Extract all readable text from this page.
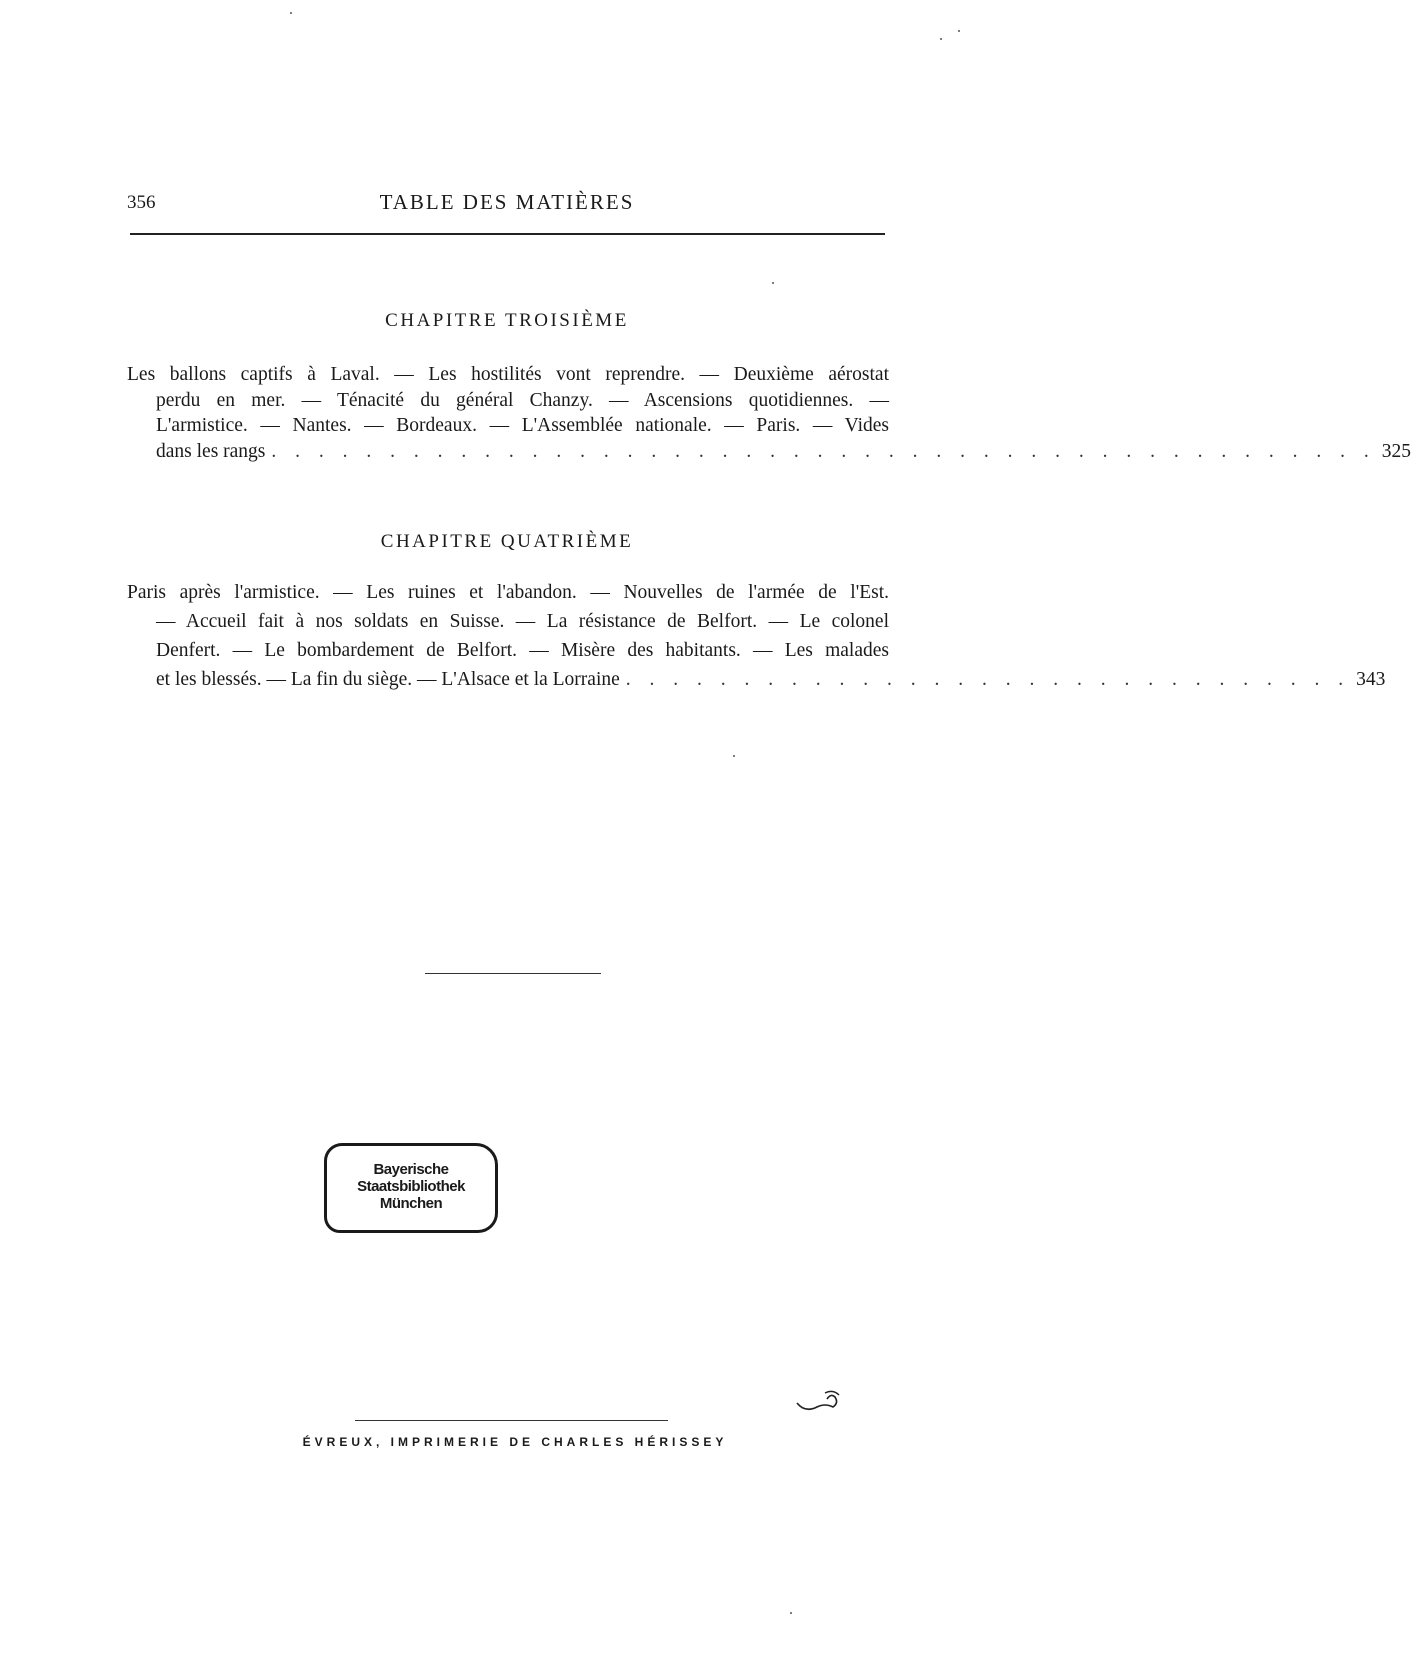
356	TABLE DES MATIÈRES
CHAPITRE TROISIÈME
Les ballons captifs à Laval. — Les hostilités vont reprendre. — Deuxième aérostat
perdu en mer. — Ténacité du général Chanzy. — Ascensions quotidiennes. —
L'armistice. — Nantes. — Bordeaux. — L'Assemblée nationale. — Paris. — Vides
dans les rangs . . . . . . . . . . . . . . . . . . . . . . . . . . . . . . . . . . . . . . . . . . . . . . . 325
CHAPITRE QUATRIÈME
Paris après l'armistice. — Les ruines et l'abandon. — Nouvelles de l'armée de l'Est.
— Accueil fait à nos soldats en Suisse. — La résistance de Belfort. — Le colonel
Denfert. — Le bombardement de Belfort. — Misère des habitants. — Les malades
et les blessés. — La fin du siège. — L'Alsace et la Lorraine . . . . . . . . . . . . . . . . . . . . . . . . . . . . . . . 343
Bayerische
Staatsbibliothek
München
ÉVREUX, IMPRIMERIE DE CHARLES HÉRISSEY
